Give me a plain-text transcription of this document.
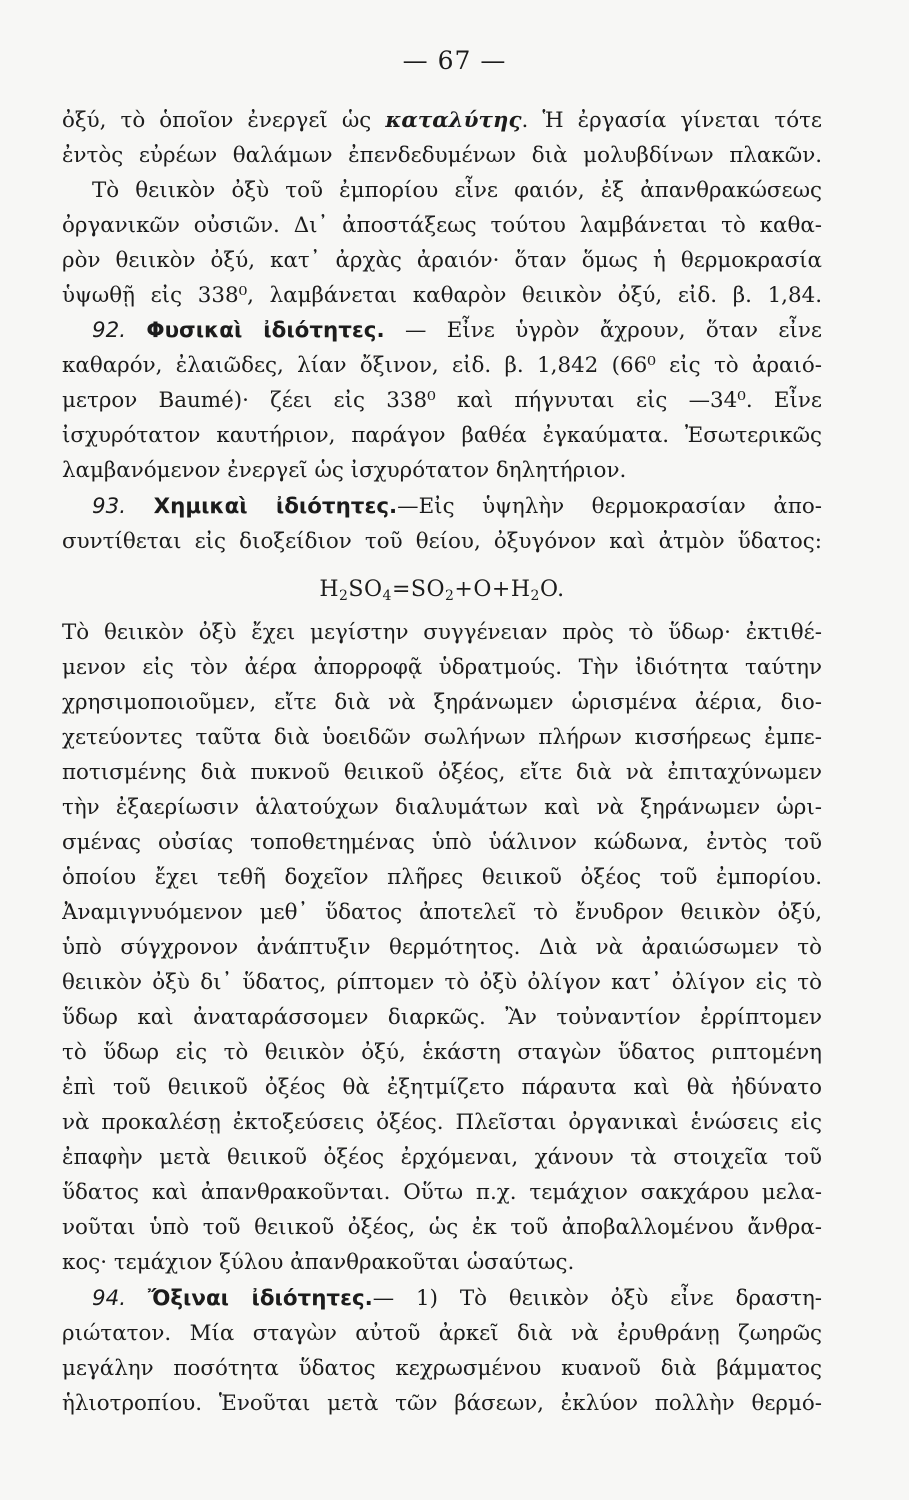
— 67 —
ὀξύ, τὸ ὁποῖον ἐνεργεῖ ὡς καταλύτης. Ἡ ἐργασία γίνεται τότε
ἐντὸς εὐρέων θαλάμων ἐπενδεδυμένων διὰ μολυβδίνων πλακῶν.
Τὸ θειικὸν ὀξὺ τοῦ ἐμπορίου εἶνε φαιόν, ἐξ ἀπανθρακώσεως
ὀργανικῶν οὐσιῶν. Δι᾽ ἀποστάξεως τούτου λαμβάνεται τὸ καθα-
ρὸν θειικὸν ὀξύ, κατ᾽ ἀρχὰς ἀραιόν· ὅταν ὅμως ἡ θερμοκρασία
ὑψωθῇ εἰς 338⁰, λαμβάνεται καθαρὸν θειικὸν ὀξύ, εἰδ. β. 1,84.
92. Φυσικαὶ ἰδιότητες. — Εἶνε ὑγρὸν ἄχρουν, ὅταν εἶνε
καθαρόν, ἐλαιῶδες, λίαν ὄξινον, εἰδ. β. 1,842 (66⁰ εἰς τὸ ἀραιό-
μετρον Baumé)· ζέει εἰς 338⁰ καὶ πήγνυται εἰς —34⁰. Εἶνε
ἰσχυρότατον καυτήριον, παράγον βαθέα ἐγκαύματα. Ἐσωτερικῶς
λαμβανόμενον ἐνεργεῖ ὡς ἰσχυρότατον δηλητήριον.
93. Χημικαὶ ἰδιότητες.—Εἰς ὑψηλὴν θερμοκρασίαν ἀπο-
συντίθεται εἰς διοξείδιον τοῦ θείου, ὀξυγόνον καὶ ἀτμὸν ὕδατος:
$H_2SO_4=SO_2+O+H_2O$.
Τὸ θειικὸν ὀξὺ ἔχει μεγίστην συγγένειαν πρὸς τὸ ὕδωρ· ἐκτιθέ-
μενον εἰς τὸν ἀέρα ἀπορροφᾷ ὑδρατμούς. Τὴν ἰδιότητα ταύτην
χρησιμοποιοῦμεν, εἴτε διὰ νὰ ξηράνωμεν ὡρισμένα ἀέρια, διο-
χετεύοντες ταῦτα διὰ ὑοειδῶν σωλήνων πλήρων κισσήρεως ἐμπε-
ποτισμένης διὰ πυκνοῦ θειικοῦ ὀξέος, εἴτε διὰ νὰ ἐπιταχύνωμεν
τὴν ἐξαερίωσιν ἁλατούχων διαλυμάτων καὶ νὰ ξηράνωμεν ὡρι-
σμένας οὐσίας τοποθετημένας ὑπὸ ὑάλινον κώδωνα, ἐντὸς τοῦ
ὁποίου ἔχει τεθῆ δοχεῖον πλῆρες θειικοῦ ὀξέος τοῦ ἐμπορίου.
Ἀναμιγνυόμενον μεθ᾽ ὕδατος ἀποτελεῖ τὸ ἔνυδρον θειικὸν ὀξύ,
ὑπὸ σύγχρονον ἀνάπτυξιν θερμότητος. Διὰ νὰ ἀραιώσωμεν τὸ
θειικὸν ὀξὺ δι᾽ ὕδατος, ρίπτομεν τὸ ὀξὺ ὀλίγον κατ᾽ ὀλίγον εἰς τὸ
ὕδωρ καὶ ἀναταράσσομεν διαρκῶς. Ἂν τοὐναντίον ἐρρίπτομεν
τὸ ὕδωρ εἰς τὸ θειικὸν ὀξύ, ἑκάστη σταγὼν ὕδατος ριπτομένη
ἐπὶ τοῦ θειικοῦ ὀξέος θὰ ἐξητμίζετο πάραυτα καὶ θὰ ἠδύνατο
νὰ προκαλέσῃ ἐκτοξεύσεις ὀξέος. Πλεῖσται ὀργανικαὶ ἑνώσεις εἰς
ἐπαφὴν μετὰ θειικοῦ ὀξέος ἐρχόμεναι, χάνουν τὰ στοιχεῖα τοῦ
ὕδατος καὶ ἀπανθρακοῦνται. Οὕτω π.χ. τεμάχιον σακχάρου μελα-
νοῦται ὑπὸ τοῦ θειικοῦ ὀξέος, ὡς ἐκ τοῦ ἀποβαλλομένου ἄνθρα-
κος· τεμάχιον ξύλου ἀπανθρακοῦται ὡσαύτως.
94. Ὄξιναι ἰδιότητες.— 1) Τὸ θειικὸν ὀξὺ εἶνε δραστη-
ριώτατον. Μία σταγὼν αὐτοῦ ἀρκεῖ διὰ νὰ ἐρυθράνῃ ζωηρῶς
μεγάλην ποσότητα ὕδατος κεχρωσμένου κυανοῦ διὰ βάμματος
ἡλιοτροπίου. Ἑνοῦται μετὰ τῶν βάσεων, ἐκλύον πολλὴν θερμό-
